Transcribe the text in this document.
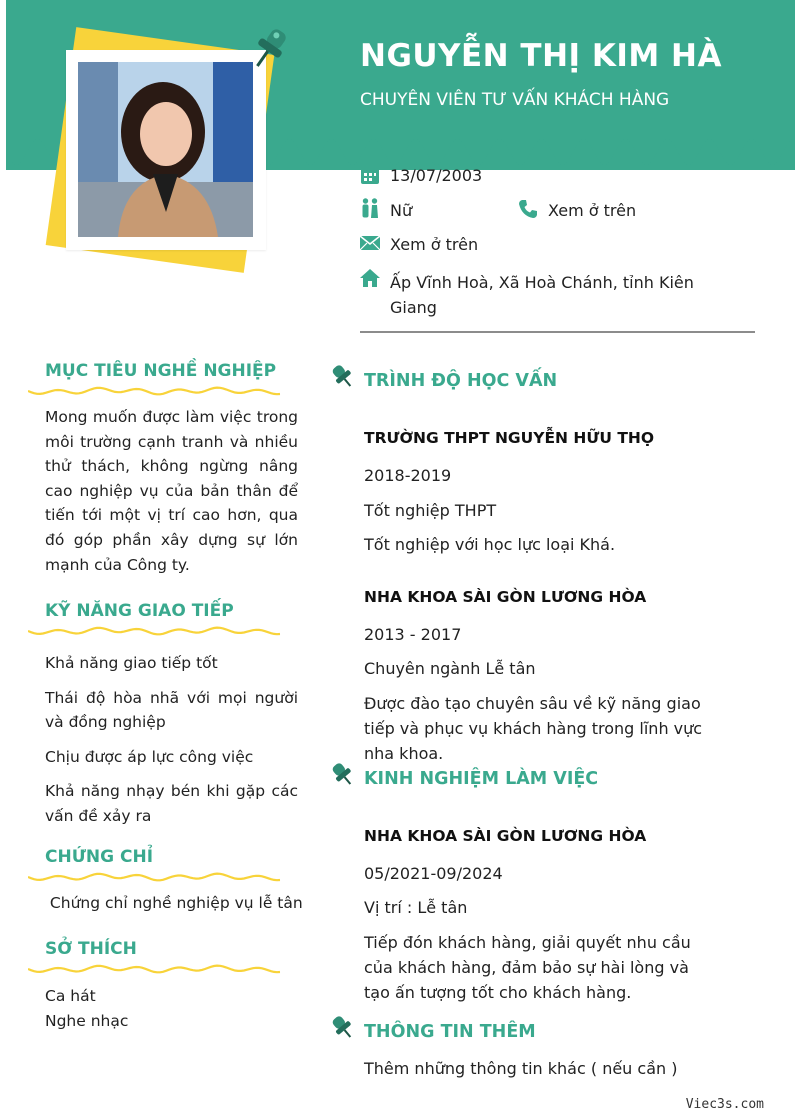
NGUYỄN THỊ KIM HÀ
CHUYÊN VIÊN TƯ VẤN KHÁCH HÀNG
13/07/2003
Nữ	Xem ở trên
Xem ở trên
Ấp Vĩnh Hoà, Xã Hoà Chánh, tỉnh Kiên Giang
MỤC TIÊU NGHỀ NGHIỆP
Mong muốn được làm việc trong môi trường cạnh tranh và nhiều thử thách, không ngừng nâng cao nghiệp vụ của bản thân để tiến tới một vị trí cao hơn, qua đó góp phần xây dựng sự lớn mạnh của Công ty.
KỸ NĂNG GIAO TIẾP
Khả năng giao tiếp tốt
Thái độ hòa nhã với mọi người và đồng nghiệp
Chịu được áp lực công việc
Khả năng nhạy bén khi gặp các vấn đề xảy ra
CHỨNG CHỈ
Chứng chỉ nghề nghiệp vụ lễ tân
SỞ THÍCH
Ca hát
Nghe nhạc
TRÌNH ĐỘ HỌC VẤN
TRƯỜNG THPT NGUYỄN HỮU THỌ
2018-2019
Tốt nghiệp THPT
Tốt nghiệp với học lực loại Khá.
NHA KHOA SÀI GÒN LƯƠNG HÒA
2013 - 2017
Chuyên ngành Lễ tân
Được đào tạo chuyên sâu về kỹ năng giao tiếp và phục vụ khách hàng trong lĩnh vực nha khoa.
KINH NGHIỆM LÀM VIỆC
NHA KHOA SÀI GÒN LƯƠNG HÒA
05/2021-09/2024
Vị trí : Lễ tân
Tiếp đón khách hàng, giải quyết nhu cầu của khách hàng, đảm bảo sự hài lòng và tạo ấn tượng tốt cho khách hàng.
THÔNG TIN THÊM
Thêm những thông tin khác ( nếu cần )
Viec3s.com
